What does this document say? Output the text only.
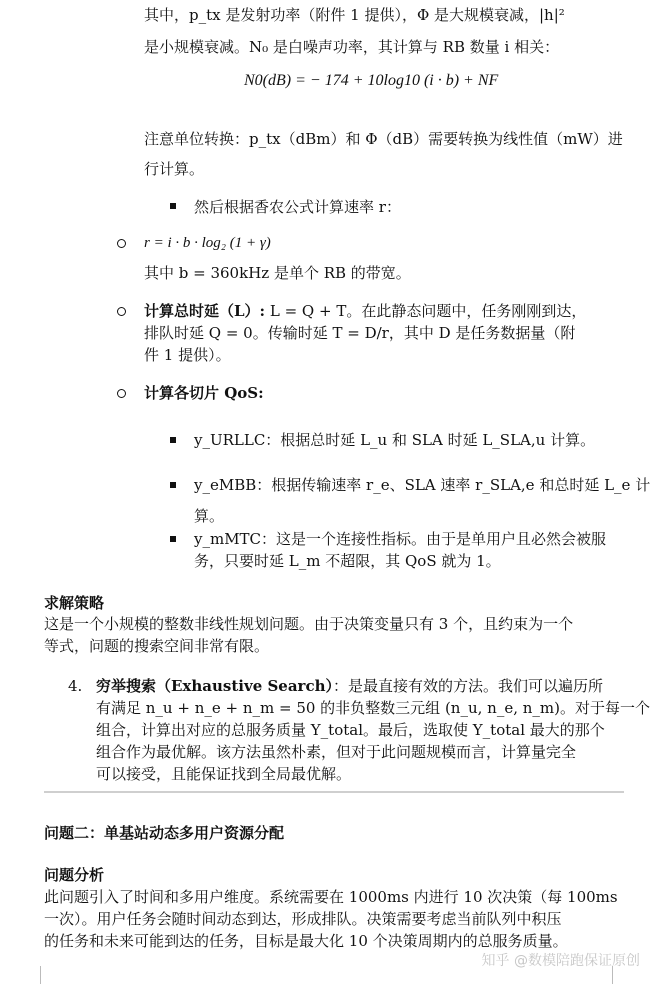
其中，p_tx 是发射功率（附件 1 提供），Φ 是大规模衰减，|h|²
是小规模衰减。N₀ 是白噪声功率，其计算与 RB 数量 i 相关：
N0(dB) = − 174 + 10log10 (i · b) + NF
注意单位转换：p_tx（dBm）和 Φ（dB）需要转换为线性值（mW）进
行计算。
然后根据香农公式计算速率 r：
r = i · b · log₂ (1 + γ)
其中 b = 360kHz 是单个 RB 的带宽。
计算总时延（L）: L = Q + T。在此静态问题中，任务刚刚到达，
排队时延 Q = 0。传输时延 T = D/r，其中 D 是任务数据量（附
件 1 提供）。
计算各切片 QoS:
y_URLLC：根据总时延 L_u 和 SLA 时延 L_SLA,u 计算。
y_eMBB：根据传输速率 r_e、SLA 速率 r_SLA,e 和总时延 L_e 计
算。
y_mMTC：这是一个连接性指标。由于是单用户且必然会被服
务，只要时延 L_m 不超限，其 QoS 就为 1。
求解策略
这是一个小规模的整数非线性规划问题。由于决策变量只有 3 个，且约束为一个
等式，问题的搜索空间非常有限。
4. 穷举搜索（Exhaustive Search）：是最直接有效的方法。我们可以遍历所
有满足 n_u + n_e + n_m = 50 的非负整数三元组 (n_u, n_e, n_m)。对于每一个
组合，计算出对应的总服务质量 Y_total。最后，选取使 Y_total 最大的那个
组合作为最优解。该方法虽然朴素，但对于此问题规模而言，计算量完全
可以接受，且能保证找到全局最优解。
问题二：单基站动态多用户资源分配
问题分析
此问题引入了时间和多用户维度。系统需要在 1000ms 内进行 10 次决策（每 100ms
一次）。用户任务会随时间动态到达，形成排队。决策需要考虑当前队列中积压
的任务和未来可能到达的任务，目标是最大化 10 个决策周期内的总服务质量。
知乎 @数模陪跑保证原创
